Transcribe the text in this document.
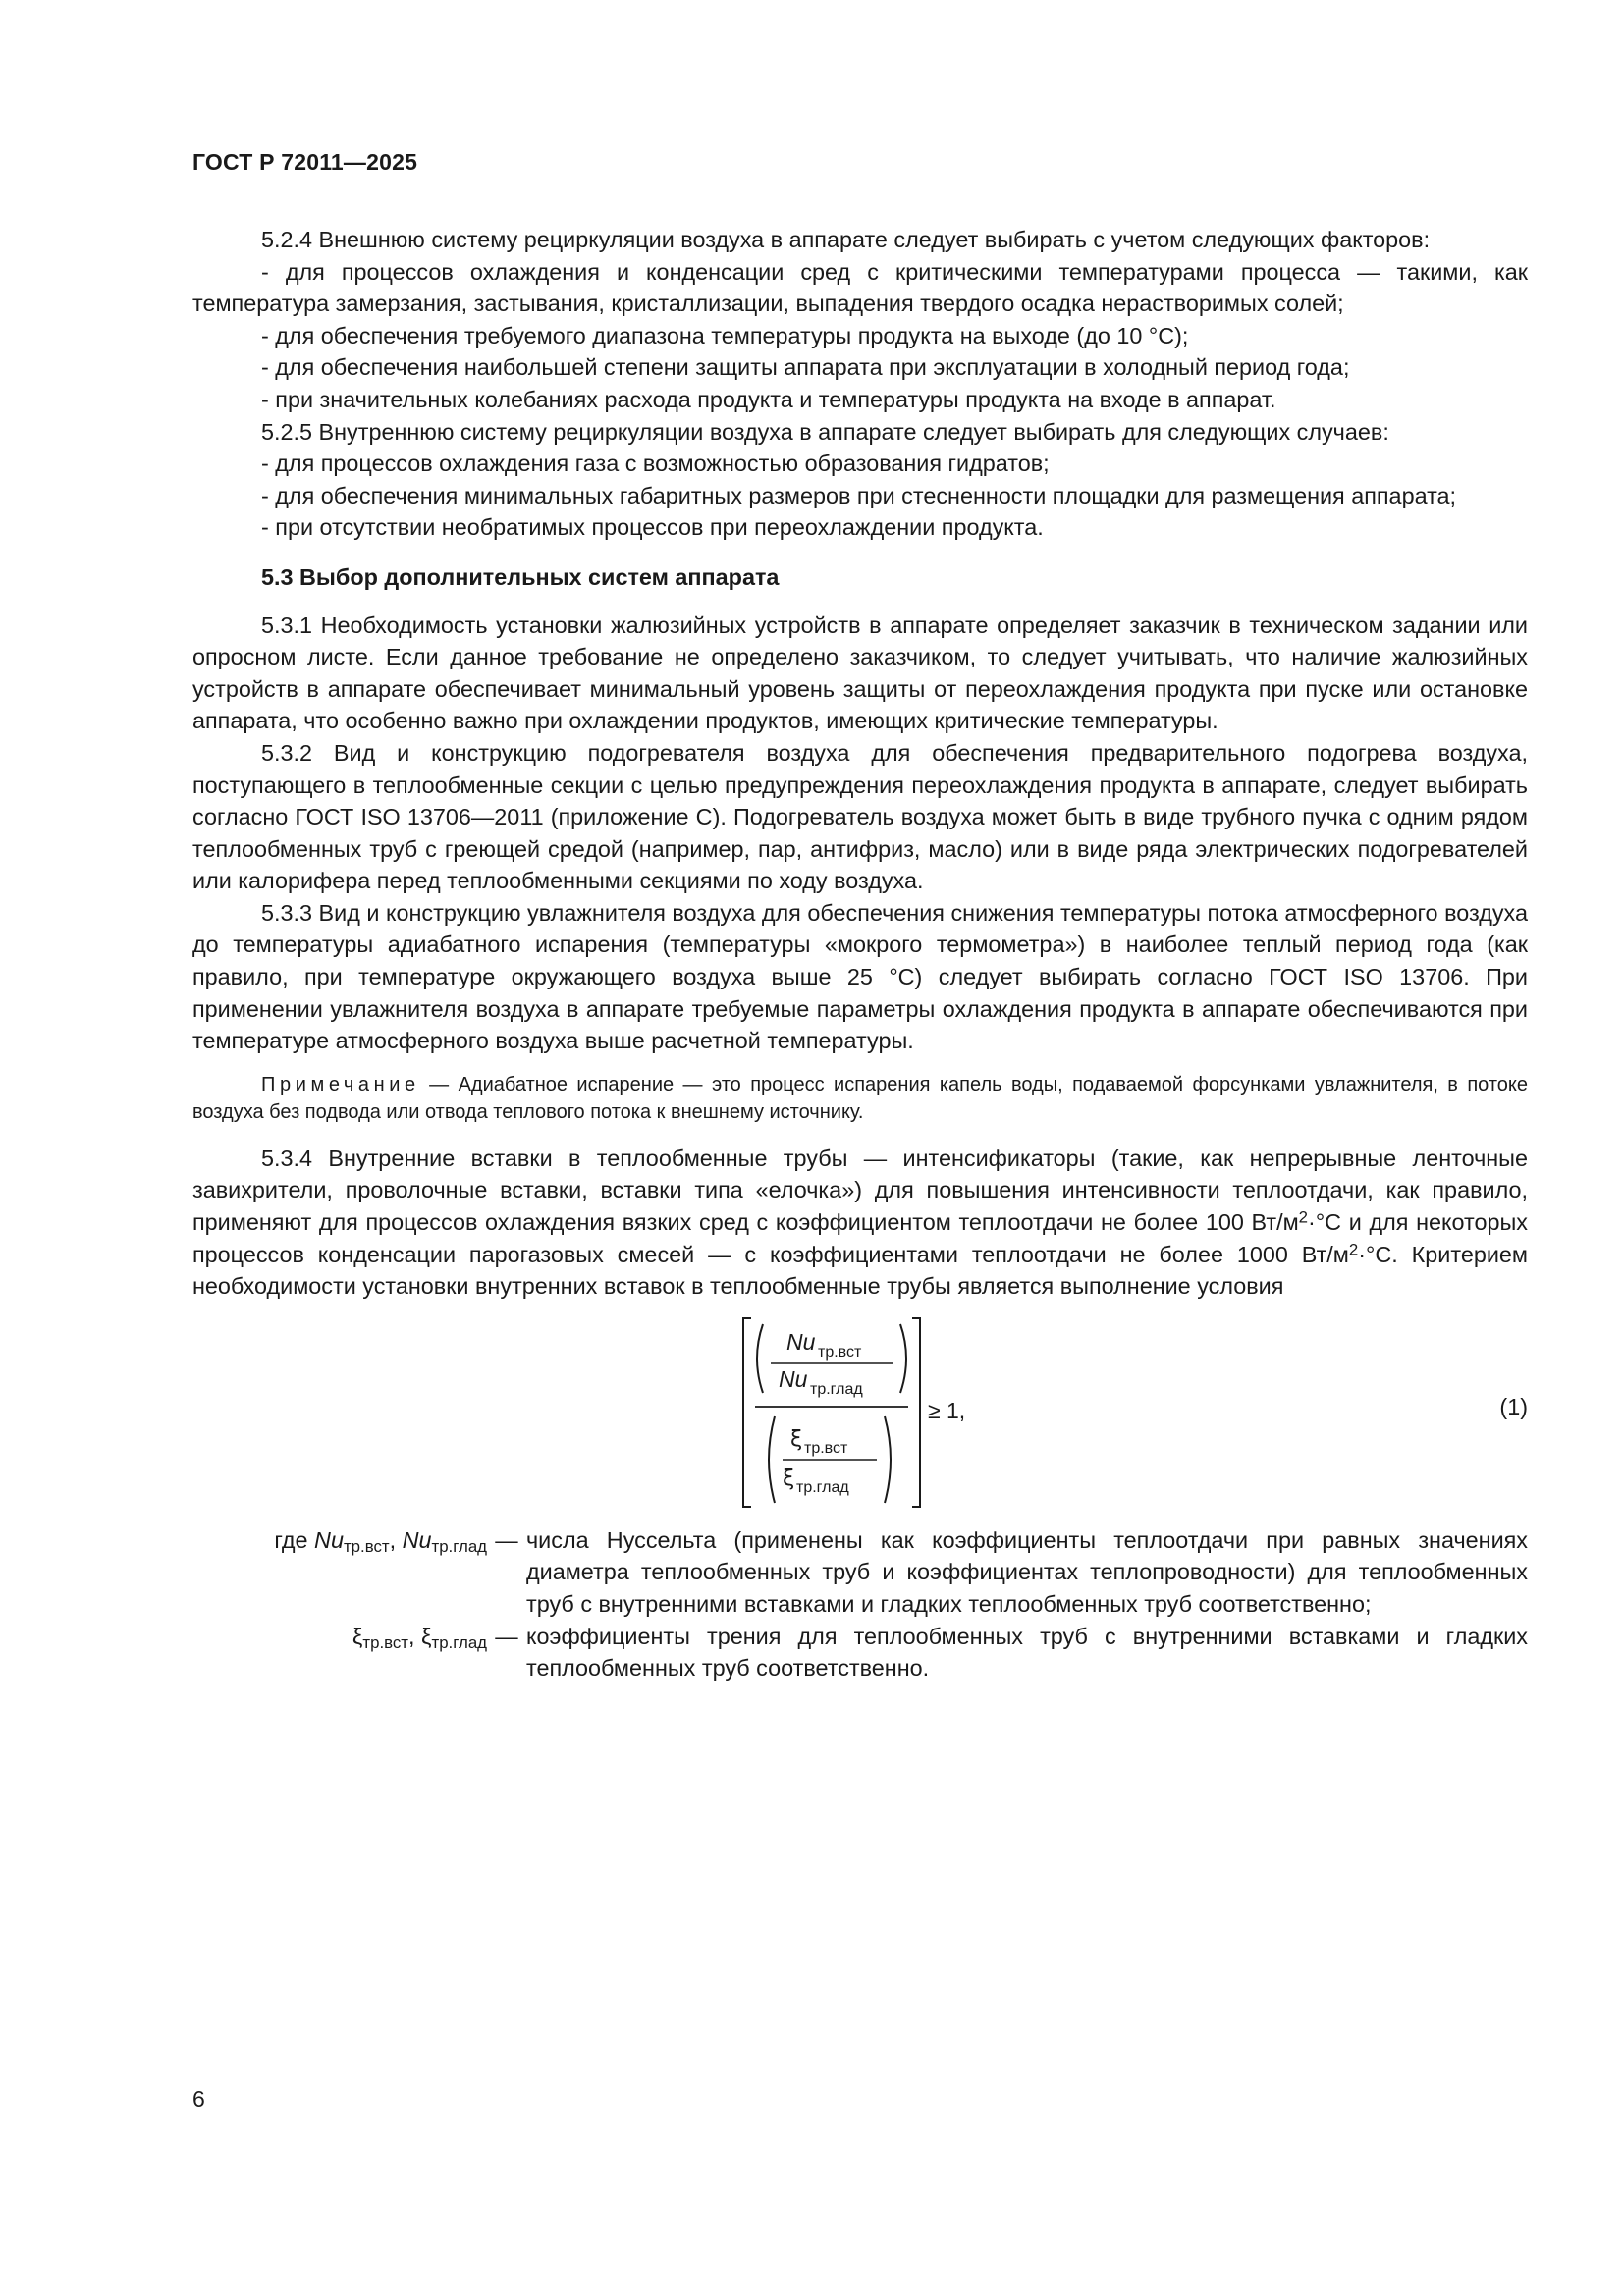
ГОСТ Р 72011—2025

5.2.4 Внешнюю систему рециркуляции воздуха в аппарате следует выбирать с учетом следующих факторов:

- для процессов охлаждения и конденсации сред с критическими температурами процесса — такими, как температура замерзания, застывания, кристаллизации, выпадения твердого осадка нерастворимых солей;

- для обеспечения требуемого диапазона температуры продукта на выходе (до 10 °С);

- для обеспечения наибольшей степени защиты аппарата при эксплуатации в холодный период года;

- при значительных колебаниях расхода продукта и температуры продукта на входе в аппарат.

5.2.5 Внутреннюю систему рециркуляции воздуха в аппарате следует выбирать для следующих случаев:

- для процессов охлаждения газа с возможностью образования гидратов;

- для обеспечения минимальных габаритных размеров при стесненности площадки для размещения аппарата;

- при отсутствии необратимых процессов при переохлаждении продукта.

5.3 Выбор дополнительных систем аппарата

5.3.1 Необходимость установки жалюзийных устройств в аппарате определяет заказчик в техническом задании или опросном листе. Если данное требование не определено заказчиком, то следует учитывать, что наличие жалюзийных устройств в аппарате обеспечивает минимальный уровень защиты от переохлаждения продукта при пуске или остановке аппарата, что особенно важно при охлаждении продуктов, имеющих критические температуры.

5.3.2 Вид и конструкцию подогревателя воздуха для обеспечения предварительного подогрева воздуха, поступающего в теплообменные секции с целью предупреждения переохлаждения продукта в аппарате, следует выбирать согласно ГОСТ ISO 13706—2011 (приложение С). Подогреватель воздуха может быть в виде трубного пучка с одним рядом теплообменных труб с греющей средой (например, пар, антифриз, масло) или в виде ряда электрических подогревателей или калорифера перед теплообменными секциями по ходу воздуха.

5.3.3 Вид и конструкцию увлажнителя воздуха для обеспечения снижения температуры потока атмосферного воздуха до температуры адиабатного испарения (температуры «мокрого термометра») в наиболее теплый период года (как правило, при температуре окружающего воздуха выше 25 °С) следует выбирать согласно ГОСТ ISO 13706. При применении увлажнителя воздуха в аппарате требуемые параметры охлаждения продукта в аппарате обеспечиваются при температуре атмосферного воздуха выше расчетной температуры.

Примечание — Адиабатное испарение — это процесс испарения капель воды, подаваемой форсунками увлажнителя, в потоке воздуха без подвода или отвода теплового потока к внешнему источнику.

5.3.4 Внутренние вставки в теплообменные трубы — интенсификаторы (такие, как непрерывные ленточные завихрители, проволочные вставки, вставки типа «елочка») для повышения интенсивности теплоотдачи, как правило, применяют для процессов охлаждения вязких сред с коэффициентом теплоотдачи не более 100 $Вт/м^2\cdot^\circ С$ и для некоторых процессов конденсации парогазовых смесей — с коэффициентами теплоотдачи не более 1000 $Вт/м^2\cdot^\circ С$. Критерием необходимости установки внутренних вставок в теплообменные трубы является выполнение условия

Nu тр.вст
Nu тр.глад
ξ тр.вст
ξ тр.глад
≥ 1,	(1)
где $Nu_{тр.вст}$, $Nu_{тр.глад}$ — числа Нуссельта (применены как коэффициенты теплоотдачи при равных значениях диаметра теплообменных труб и коэффициентах теплопроводности) для теплообменных труб с внутренними вставками и гладких теплообменных труб соответственно;
$\xi_{тр.вст}$, $\xi_{тр.глад}$ — коэффициенты трения для теплообменных труб с внутренними вставками и гладких теплообменных труб соответственно.
6
